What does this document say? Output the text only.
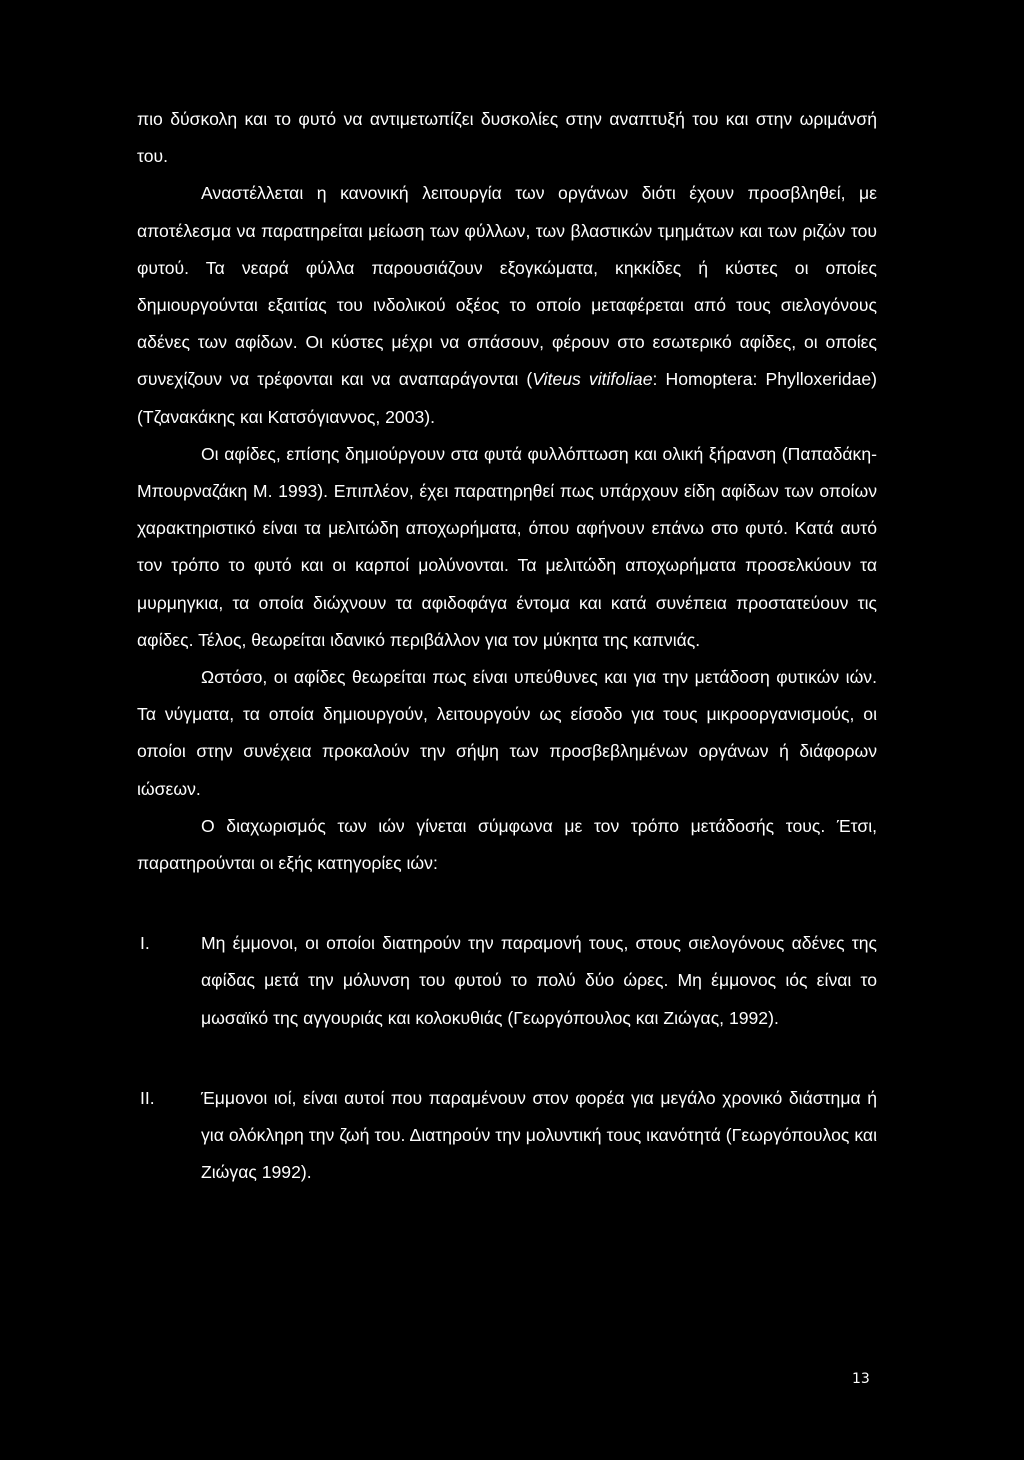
πιο δύσκολη και το φυτό να αντιμετωπίζει δυσκολίες στην αναπτυξή του και στην ωριμάνσή του.

Αναστέλλεται η κανονική λειτουργία των οργάνων διότι έχουν προσβληθεί, με αποτέλεσμα να παρατηρείται μείωση των φύλλων, των βλαστικών τμημάτων και των ριζών του φυτού. Τα νεαρά φύλλα παρουσιάζουν εξογκώματα, κηκκίδες ή κύστες οι οποίες δημιουργούνται εξαιτίας του ινδολικού οξέος το οποίο μεταφέρεται από τους σιελογόνους αδένες των αφίδων. Οι κύστες μέχρι να σπάσουν, φέρουν στο εσωτερικό αφίδες, οι οποίες συνεχίζουν να τρέφονται και να αναπαράγονται (Viteus vitifoliae: Homoptera: Phylloxeridae) (Τζανακάκης και Κατσόγιαννος, 2003).

Οι αφίδες, επίσης δημιούργουν στα φυτά φυλλόπτωση και ολική ξήρανση (Παπαδάκη-Μπουρναζάκη Μ. 1993). Επιπλέον, έχει παρατηρηθεί πως υπάρχουν είδη αφίδων των οποίων χαρακτηριστικό είναι τα μελιτώδη αποχωρήματα, όπου αφήνουν επάνω στο φυτό. Κατά αυτό τον τρόπο το φυτό και οι καρποί μολύνονται. Τα μελιτώδη αποχωρήματα προσελκύουν τα μυρμηγκια, τα οποία διώχνουν τα αφιδοφάγα έντομα και κατά συνέπεια προστατεύουν τις αφίδες. Τέλος, θεωρείται ιδανικό περιβάλλον για τον μύκητα της καπνιάς.

Ωστόσο, οι αφίδες θεωρείται πως είναι υπεύθυνες και για την μετάδοση φυτικών ιών. Τα νύγματα, τα οποία δημιουργούν, λειτουργούν ως είσοδο για τους μικροοργανισμούς, οι οποίοι στην συνέχεια προκαλούν την σήψη των προσβεβλημένων οργάνων ή διάφορων ιώσεων.

Ο διαχωρισμός των ιών γίνεται σύμφωνα με τον τρόπο μετάδοσής τους. Έτσι, παρατηρούνται οι εξής κατηγορίες ιών:

I.	Μη έμμονοι, οι οποίοι διατηρούν την παραμονή τους, στους σιελογόνους αδένες της αφίδας μετά την μόλυνση του φυτού το πολύ δύο ώρες. Μη έμμονος ιός είναι το μωσαϊκό της αγγουριάς και κολοκυθιάς (Γεωργόπουλος και Ζιώγας, 1992).

II.	Έμμονοι ιοί, είναι αυτοί που παραμένουν στον φορέα για μεγάλο χρονικό διάστημα ή για ολόκληρη την ζωή του. Διατηρούν την μολυντική τους ικανότητά (Γεωργόπουλος και Ζιώγας 1992).

13
